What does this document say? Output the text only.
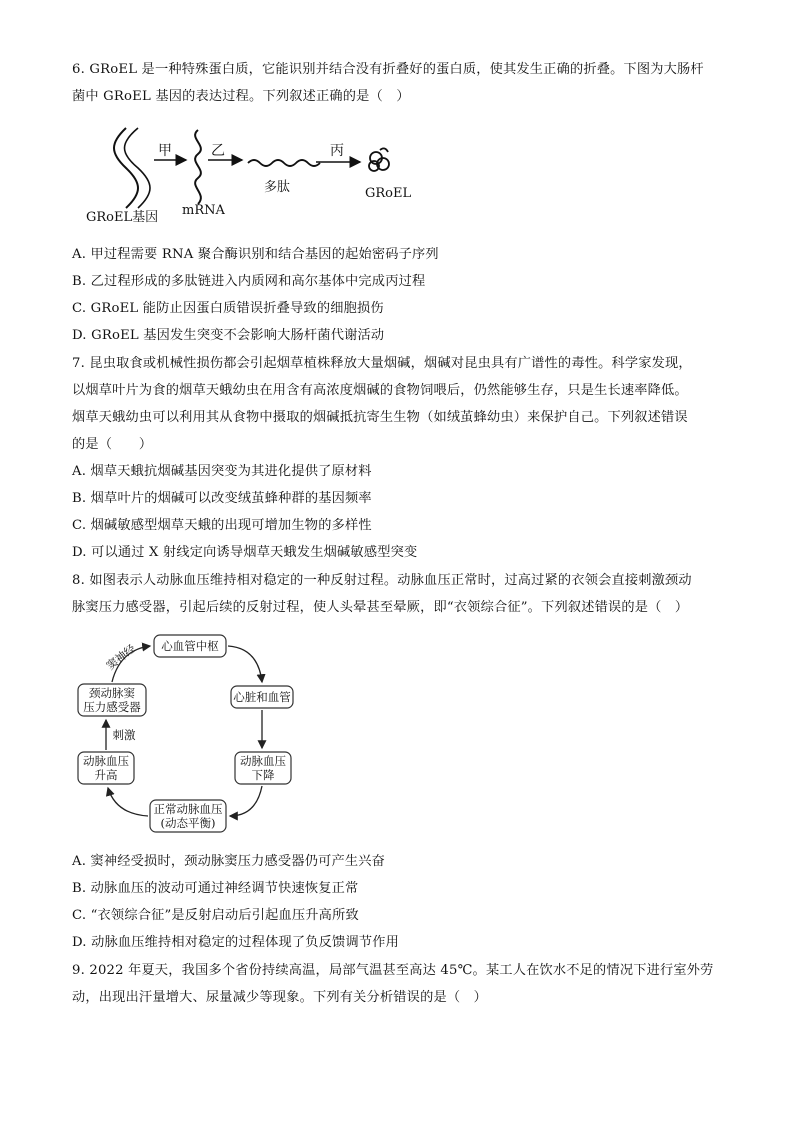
6. GRoEL 是一种特殊蛋白质，它能识别并结合没有折叠好的蛋白质，使其发生正确的折叠。下图为大肠杆
菌中 GRoEL 基因的表达过程。下列叙述正确的是（　）
甲	乙	丙
GRoEL基因 mRNA
多肽	GRoEL
A. 甲过程需要 RNA 聚合酶识别和结合基因的起始密码子序列
B. 乙过程形成的多肽链进入内质网和高尔基体中完成丙过程
C. GRoEL 能防止因蛋白质错误折叠导致的细胞损伤
D. GRoEL 基因发生突变不会影响大肠杆菌代谢活动
7. 昆虫取食或机械性损伤都会引起烟草植株释放大量烟碱，烟碱对昆虫具有广谱性的毒性。科学家发现，
以烟草叶片为食的烟草天蛾幼虫在用含有高浓度烟碱的食物饲喂后，仍然能够生存，只是生长速率降低。
烟草天蛾幼虫可以利用其从食物中摄取的烟碱抵抗寄生生物（如绒茧蜂幼虫）来保护自己。下列叙述错误
的是（　　）
A. 烟草天蛾抗烟碱基因突变为其进化提供了原材料
B. 烟草叶片的烟碱可以改变绒茧蜂种群的基因频率
C. 烟碱敏感型烟草天蛾的出现可增加生物的多样性
D. 可以通过 X 射线定向诱导烟草天蛾发生烟碱敏感型突变
8. 如图表示人动脉血压维持相对稳定的一种反射过程。动脉血压正常时，过高过紧的衣领会直接刺激颈动
脉窦压力感受器，引起后续的反射过程，使人头晕甚至晕厥，即“衣领综合征”。下列叙述错误的是（　）
心血管中枢
心脏和血管
动脉血压
下降
正常动脉血压
(动态平衡)
动脉血压
升高
颈动脉窦
压力感受器
刺激
窦神经
A. 窦神经受损时，颈动脉窦压力感受器仍可产生兴奋
B. 动脉血压的波动可通过神经调节快速恢复正常
C. “衣领综合征”是反射启动后引起血压升高所致
D. 动脉血压维持相对稳定的过程体现了负反馈调节作用
9. 2022 年夏天，我国多个省份持续高温，局部气温甚至高达 45℃。某工人在饮水不足的情况下进行室外劳
动，出现出汗量增大、尿量减少等现象。下列有关分析错误的是（　）
